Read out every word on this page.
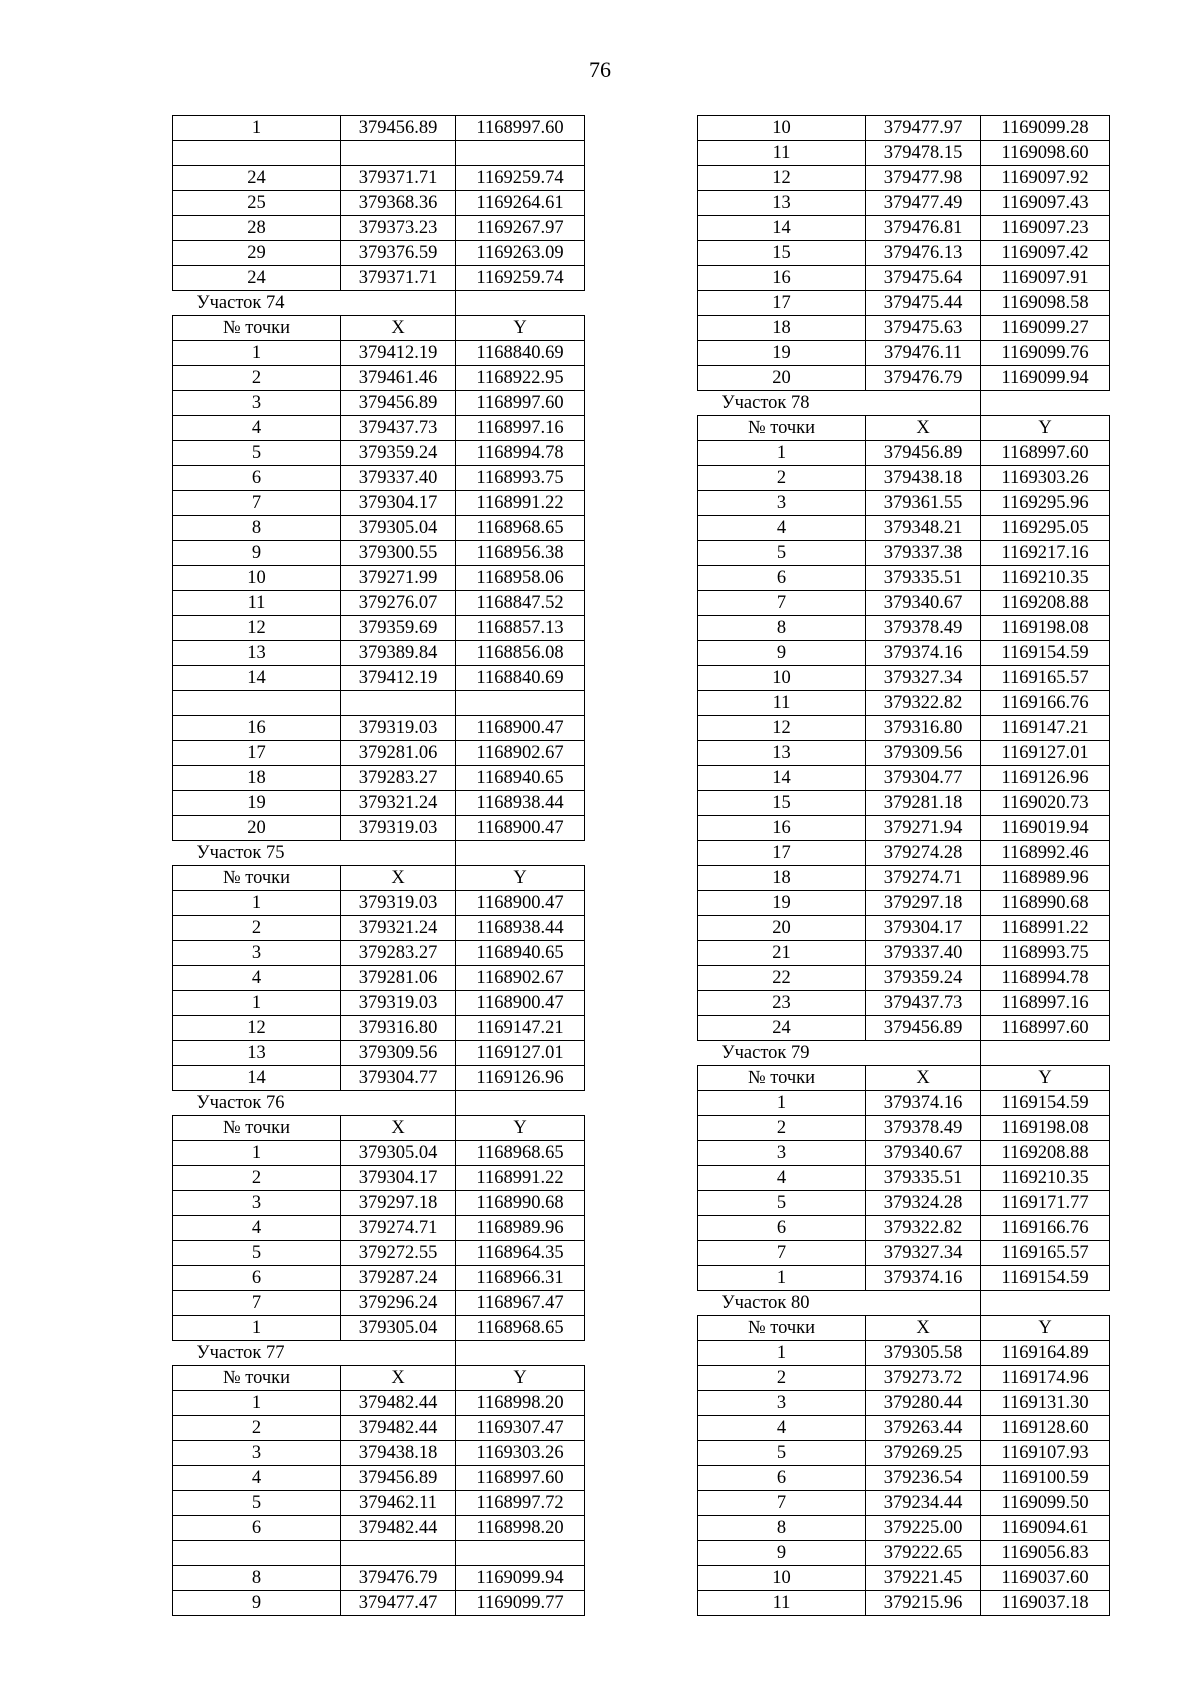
76
1	379456.89	1168997.60

24	379371.71	1169259.74
25	379368.36	1169264.61
28	379373.23	1169267.97
29	379376.59	1169263.09
24	379371.71	1169259.74
Участок 74		
№ точки	X	Y
1	379412.19	1168840.69
2	379461.46	1168922.95
3	379456.89	1168997.60
4	379437.73	1168997.16
5	379359.24	1168994.78
6	379337.40	1168993.75
7	379304.17	1168991.22
8	379305.04	1168968.65
9	379300.55	1168956.38
10	379271.99	1168958.06
11	379276.07	1168847.52
12	379359.69	1168857.13
13	379389.84	1168856.08
14	379412.19	1168840.69

16	379319.03	1168900.47
17	379281.06	1168902.67
18	379283.27	1168940.65
19	379321.24	1168938.44
20	379319.03	1168900.47
Участок 75		
№ точки	X	Y
1	379319.03	1168900.47
2	379321.24	1168938.44
3	379283.27	1168940.65
4	379281.06	1168902.67
1	379319.03	1168900.47
12	379316.80	1169147.21
13	379309.56	1169127.01
14	379304.77	1169126.96
Участок 76		
№ точки	X	Y
1	379305.04	1168968.65
2	379304.17	1168991.22
3	379297.18	1168990.68
4	379274.71	1168989.96
5	379272.55	1168964.35
6	379287.24	1168966.31
7	379296.24	1168967.47
1	379305.04	1168968.65
Участок 77		
№ точки	X	Y
1	379482.44	1168998.20
2	379482.44	1169307.47
3	379438.18	1169303.26
4	379456.89	1168997.60
5	379462.11	1168997.72
6	379482.44	1168998.20

8	379476.79	1169099.94
9	379477.47	1169099.77
10	379477.97	1169099.28
11	379478.15	1169098.60
12	379477.98	1169097.92
13	379477.49	1169097.43
14	379476.81	1169097.23
15	379476.13	1169097.42
16	379475.64	1169097.91
17	379475.44	1169098.58
18	379475.63	1169099.27
19	379476.11	1169099.76
20	379476.79	1169099.94
Участок 78		
№ точки	X	Y
1	379456.89	1168997.60
2	379438.18	1169303.26
3	379361.55	1169295.96
4	379348.21	1169295.05
5	379337.38	1169217.16
6	379335.51	1169210.35
7	379340.67	1169208.88
8	379378.49	1169198.08
9	379374.16	1169154.59
10	379327.34	1169165.57
11	379322.82	1169166.76
12	379316.80	1169147.21
13	379309.56	1169127.01
14	379304.77	1169126.96
15	379281.18	1169020.73
16	379271.94	1169019.94
17	379274.28	1168992.46
18	379274.71	1168989.96
19	379297.18	1168990.68
20	379304.17	1168991.22
21	379337.40	1168993.75
22	379359.24	1168994.78
23	379437.73	1168997.16
24	379456.89	1168997.60
Участок 79		
№ точки	X	Y
1	379374.16	1169154.59
2	379378.49	1169198.08
3	379340.67	1169208.88
4	379335.51	1169210.35
5	379324.28	1169171.77
6	379322.82	1169166.76
7	379327.34	1169165.57
1	379374.16	1169154.59
Участок 80		
№ точки	X	Y
1	379305.58	1169164.89
2	379273.72	1169174.96
3	379280.44	1169131.30
4	379263.44	1169128.60
5	379269.25	1169107.93
6	379236.54	1169100.59
7	379234.44	1169099.50
8	379225.00	1169094.61
9	379222.65	1169056.83
10	379221.45	1169037.60
11	379215.96	1169037.18
